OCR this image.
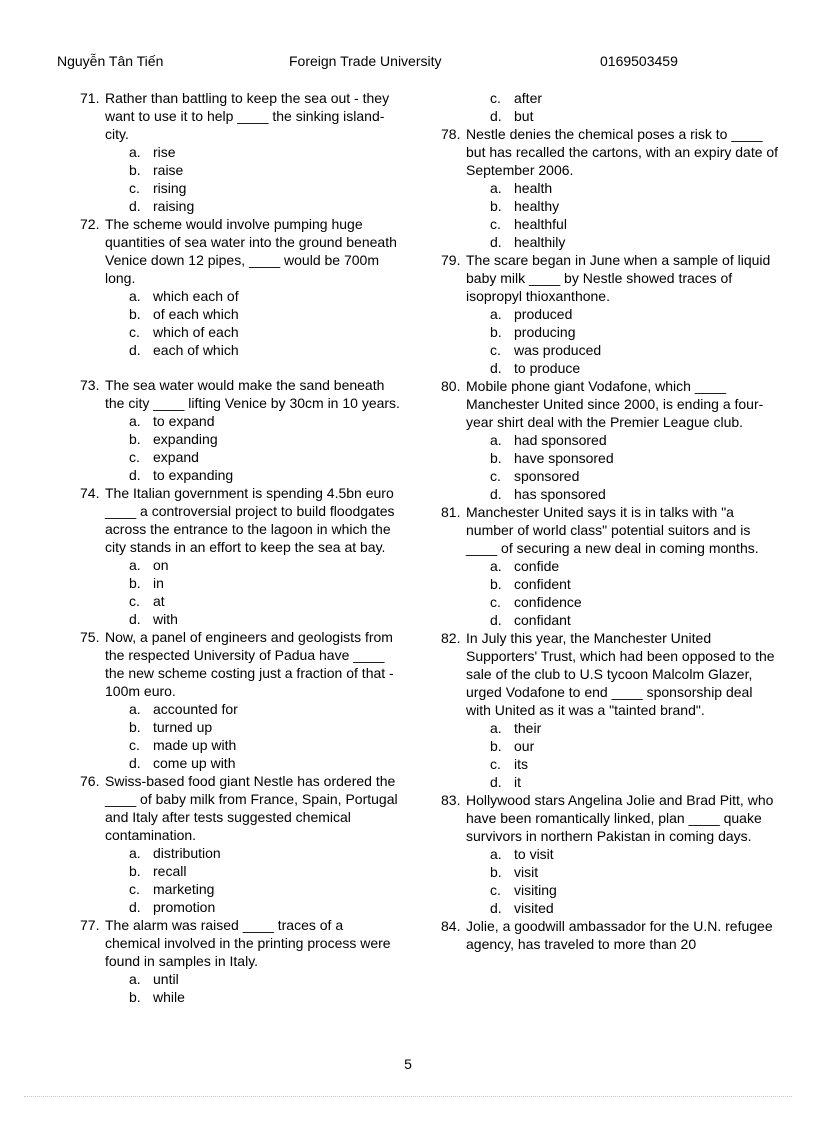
Nguyễn Tân Tiến	Foreign Trade University	0169503459
71. Rather than battling to keep the sea out - they want to use it to help ____ the sinking island-city.
a. rise
b. raise
c. rising
d. raising
72. The scheme would involve pumping huge quantities of sea water into the ground beneath Venice down 12 pipes, ____ would be 700m long.
a. which each of
b. of each which
c. which of each
d. each of which
73. The sea water would make the sand beneath the city ____ lifting Venice by 30cm in 10 years.
a. to expand
b. expanding
c. expand
d. to expanding
74. The Italian government is spending 4.5bn euro ____ a controversial project to build floodgates across the entrance to the lagoon in which the city stands in an effort to keep the sea at bay.
a. on
b. in
c. at
d. with
75. Now, a panel of engineers and geologists from the respected University of Padua have ____ the new scheme costing just a fraction of that - 100m euro.
a. accounted for
b. turned up
c. made up with
d. come up with
76. Swiss-based food giant Nestle has ordered the ____ of baby milk from France, Spain, Portugal and Italy after tests suggested chemical contamination.
a. distribution
b. recall
c. marketing
d. promotion
77. The alarm was raised ____ traces of a chemical involved in the printing process were found in samples in Italy.
a. until
b. while
c. after
d. but
78. Nestle denies the chemical poses a risk to ____ but has recalled the cartons, with an expiry date of September 2006.
a. health
b. healthy
c. healthful
d. healthily
79. The scare began in June when a sample of liquid baby milk ____ by Nestle showed traces of isopropyl thioxanthone.
a. produced
b. producing
c. was produced
d. to produce
80. Mobile phone giant Vodafone, which ____ Manchester United since 2000, is ending a four-year shirt deal with the Premier League club.
a. had sponsored
b. have sponsored
c. sponsored
d. has sponsored
81. Manchester United says it is in talks with "a number of world class" potential suitors and is ____ of securing a new deal in coming months.
a. confide
b. confident
c. confidence
d. confidant
82. In July this year, the Manchester United Supporters' Trust, which had been opposed to the sale of the club to U.S tycoon Malcolm Glazer, urged Vodafone to end ____ sponsorship deal with United as it was a "tainted brand".
a. their
b. our
c. its
d. it
83. Hollywood stars Angelina Jolie and Brad Pitt, who have been romantically linked, plan ____ quake survivors in northern Pakistan in coming days.
a. to visit
b. visit
c. visiting
d. visited
84. Jolie, a goodwill ambassador for the U.N. refugee agency, has traveled to more than 20
5
